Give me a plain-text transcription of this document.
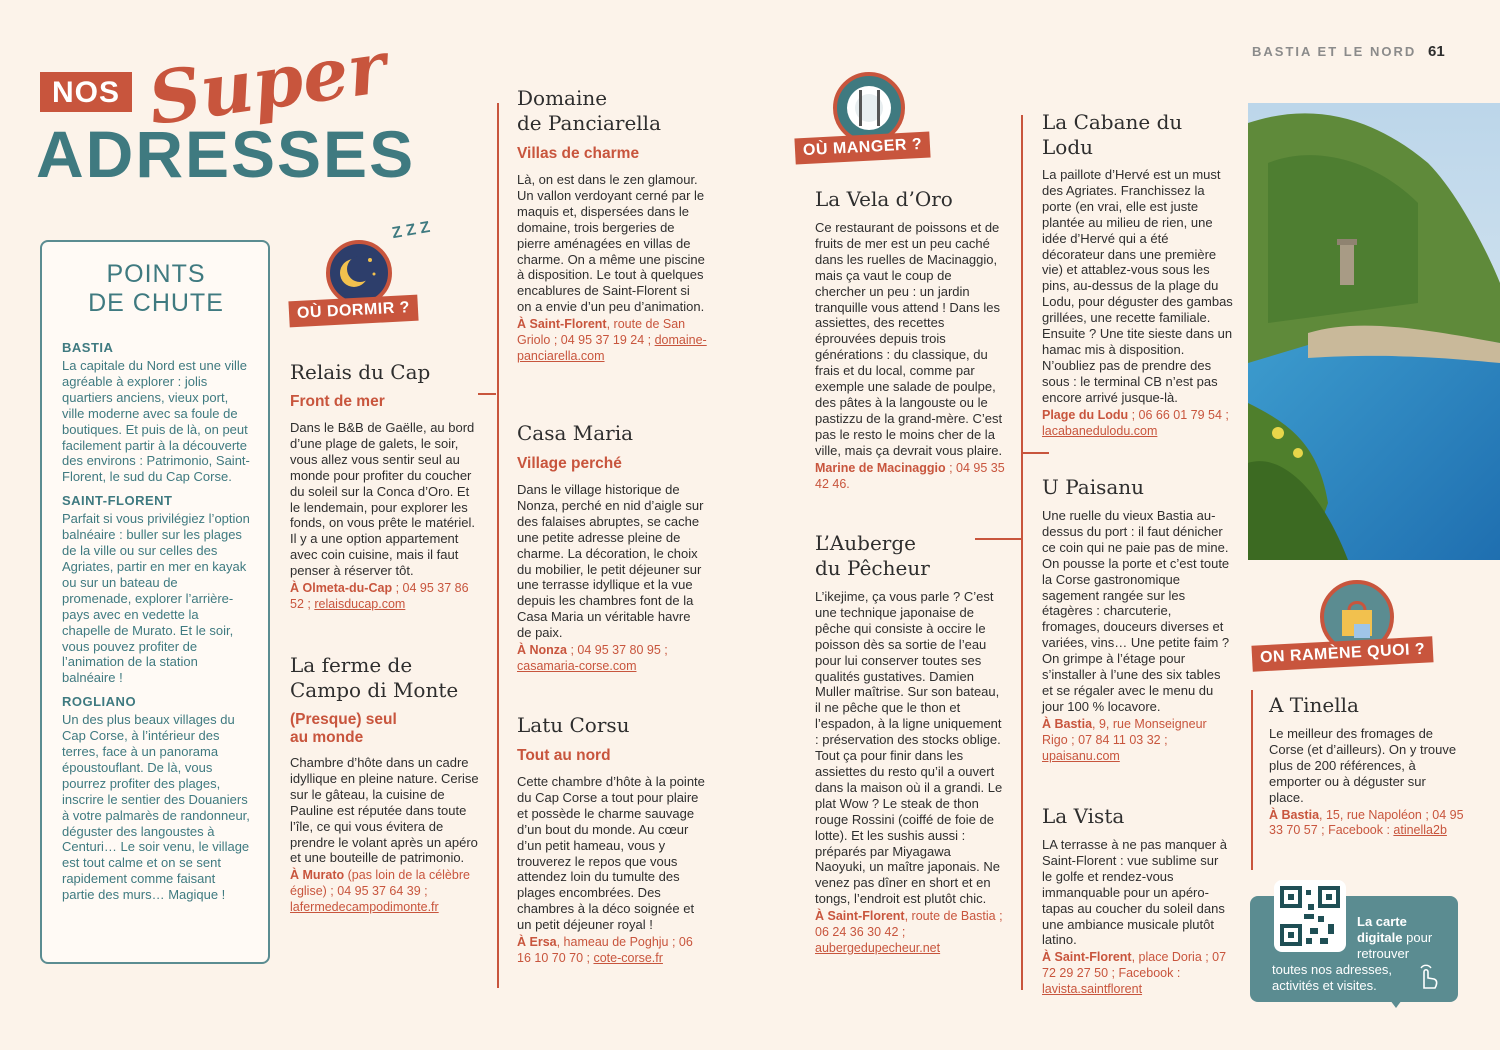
BASTIA ET LE NORD 61
NOS Super
ADRESSES
POINTS
DE CHUTE
BASTIA

La capitale du Nord est une ville agréable à explorer : jolis quartiers anciens, vieux port, ville moderne avec sa foule de boutiques. Et puis de là, on peut facilement partir à la découverte des environs : Patrimonio, Saint-Florent, le sud du Cap Corse.

SAINT-FLORENT

Parfait si vous privilégiez l’option balnéaire : buller sur les plages de la ville ou sur celles des Agriates, partir en mer en kayak ou sur un bateau de promenade, explorer l’arrière-pays avec en vedette la chapelle de Murato. Et le soir, vous pouvez profiter de l’animation de la station balnéaire !

ROGLIANO

Un des plus beaux villages du Cap Corse, à l’intérieur des terres, face à un panorama époustouflant. De là, vous pourrez profiter des plages, inscrire le sentier des Douaniers à votre palmarès de randonneur, déguster des langoustes à Centuri… Le soir venu, le village est tout calme et on se sent rapidement comme faisant partie des murs… Magique !

Z Z Z
OÙ DORMIR ?
Relais du Cap
Front de mer
Dans le B&B de Gaëlle, au bord d’une plage de galets, le soir, vous allez vous sentir seul au monde pour profiter du coucher du soleil sur la Conca d’Oro. Et le lendemain, pour explorer les fonds, on vous prête le matériel. Il y a une option appartement avec coin cuisine, mais il faut penser à réserver tôt.
À Olmeta-du-Cap ; 04 95 37 86 52 ; relaisducap.com
La ferme de
Campo di Monte
(Presque) seul
au monde
Chambre d’hôte dans un cadre idyllique en pleine nature. Cerise sur le gâteau, la cuisine de Pauline est réputée dans toute l’île, ce qui vous évitera de prendre le volant après un apéro et une bouteille de patrimonio.
À Murato (pas loin de la célèbre église) ; 04 95 37 64 39 ; lafermedecampodimonte.fr
Domaine
de Panciarella
Villas de charme
Là, on est dans le zen glamour. Un vallon verdoyant cerné par le maquis et, dispersées dans le domaine, trois bergeries de pierre aménagées en villas de charme. On a même une piscine à disposition. Le tout à quelques encablures de Saint-Florent si on a envie d’un peu d’animation.
À Saint-Florent, route de San Griolo ; 04 95 37 19 24 ; domaine-panciarella.com
Casa Maria
Village perché
Dans le village historique de Nonza, perché en nid d’aigle sur des falaises abruptes, se cache une petite adresse pleine de charme. La décoration, le choix du mobilier, le petit déjeuner sur une terrasse idyllique et la vue depuis les chambres font de la Casa Maria un véritable havre de paix.
À Nonza ; 04 95 37 80 95 ; casamaria-corse.com
Latu Corsu
Tout au nord
Cette chambre d’hôte à la pointe du Cap Corse a tout pour plaire et possède le charme sauvage d’un bout du monde. Au cœur d’un petit hameau, vous y trouverez le repos que vous attendez loin du tumulte des plages encombrées. Des chambres à la déco soignée et un petit déjeuner royal !
À Ersa, hameau de Poghju ; 06 16 10 70 70 ; cote-corse.fr
OÙ MANGER ?
La Vela d’Oro
Ce restaurant de poissons et de fruits de mer est un peu caché dans les ruelles de Macinaggio, mais ça vaut le coup de chercher un peu : un jardin tranquille vous attend ! Dans les assiettes, des recettes éprouvées depuis trois générations : du classique, du frais et du local, comme par exemple une salade de poulpe, des pâtes à la langouste ou le pastizzu de la grand-mère. C’est pas le resto le moins cher de la ville, mais ça devrait vous plaire.
Marine de Macinaggio ; 04 95 35 42 46.
L’Auberge
du Pêcheur
L’ikejime, ça vous parle ? C’est une technique japonaise de pêche qui consiste à occire le poisson dès sa sortie de l’eau pour lui conserver toutes ses qualités gustatives. Damien Muller maîtrise. Sur son bateau, il ne pêche que le thon et l’espadon, à la ligne uniquement : préservation des stocks oblige. Tout ça pour finir dans les assiettes du resto qu’il a ouvert dans la maison où il a grandi. Le plat Wow ? Le steak de thon rouge Rossini (coiffé de foie de lotte). Et les sushis aussi : préparés par Miyagawa Naoyuki, un maître japonais. Ne venez pas dîner en short et en tongs, l’endroit est plutôt chic.
À Saint-Florent, route de Bastia ; 06 24 36 30 42 ; aubergedupecheur.net
La Cabane du Lodu
La paillote d’Hervé est un must des Agriates. Franchissez la porte (en vrai, elle est juste plantée au milieu de rien, une idée d’Hervé qui a été décorateur dans une première vie) et attablez-vous sous les pins, au-dessus de la plage du Lodu, pour déguster des gambas grillées, une recette familiale. Ensuite ? Une tite sieste dans un hamac mis à disposition. N’oubliez pas de prendre des sous : le terminal CB n’est pas encore arrivé jusque-là.
Plage du Lodu ; 06 66 01 79 54 ; lacabanedulodu.com
U Paisanu
Une ruelle du vieux Bastia au-dessus du port : il faut dénicher ce coin qui ne paie pas de mine. On pousse la porte et c’est toute la Corse gastronomique sagement rangée sur les étagères : charcuterie, fromages, douceurs diverses et variées, vins… Une petite faim ? On grimpe à l’étage pour s’installer à l’une des six tables et se régaler avec le menu du jour 100 % locavore.
À Bastia, 9, rue Monseigneur Rigo ; 07 84 11 03 32 ; upaisanu.com
La Vista
LA terrasse à ne pas manquer à Saint-Florent : vue sublime sur le golfe et rendez-vous immanquable pour un apéro-tapas au coucher du soleil dans une ambiance musicale plutôt latino.
À Saint-Florent, place Doria ; 07 72 29 27 50 ; Facebook : lavista.saintflorent
ON RAMÈNE QUOI ?
A Tinella
Le meilleur des fromages de Corse (et d’ailleurs). On y trouve plus de 200 références, à emporter ou à déguster sur place.
À Bastia, 15, rue Napoléon ; 04 95 33 70 57 ; Facebook : atinella2b
La carte
digitale pour
retrouver
toutes nos adresses,
activités et visites.
